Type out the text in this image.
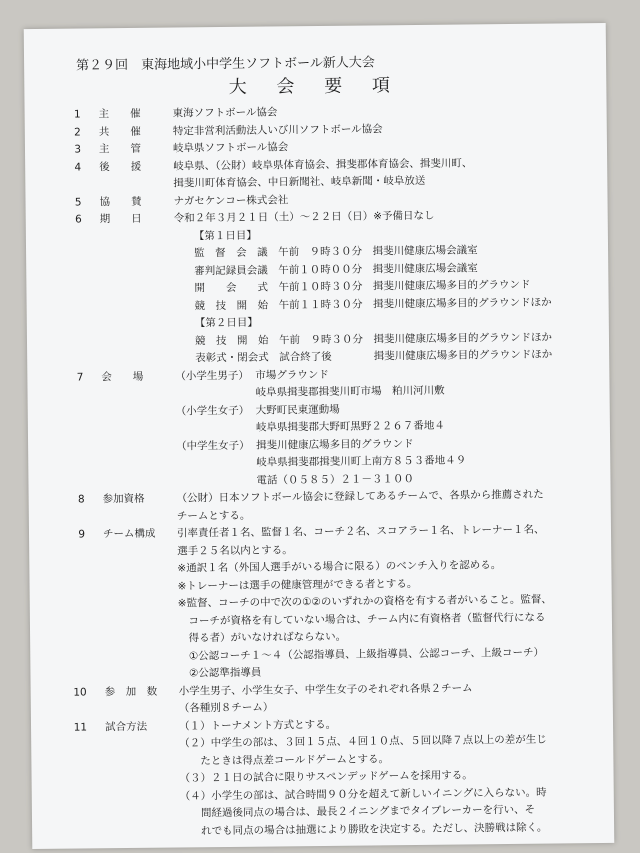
第２９回　東海地域小中学生ソフトボール新人大会
大 会 要 項
1 主　　催	東海ソフトボール協会
2 共　　催	特定非営利活動法人いび川ソフトボール協会
3 主　　管	岐阜県ソフトボール協会
4 後　　援	岐阜県、（公財）岐阜県体育協会、揖斐郡体育協会、揖斐川町、
揖斐川町体育協会、中日新聞社、岐阜新聞・岐阜放送
5 協　　賛	ナガセケンコー株式会社
6 期　　日	令和２年３月２１日（土）～２２日（日）※予備日なし
【第１日目】
監　督　会　議　午前　９時３０分　揖斐川健康広場会議室
審判記録員会議　午前１０時００分　揖斐川健康広場会議室
開　　会　　式　午前１０時３０分　揖斐川健康広場多目的グラウンド
競　技　開　始　午前１１時３０分　揖斐川健康広場多目的グラウンドほか
【第２日目】
競　技　開　始　午前　９時３０分　揖斐川健康広場多目的グラウンドほか
表彰式・閉会式　試合終了後　　　　揖斐川健康広場多目的グラウンドほか
7 会　　場	（小学生男子） 市場グラウンド
岐阜県揖斐郡揖斐川町市場　粕川河川敷
（小学生女子） 大野町民東運動場
岐阜県揖斐郡大野町黒野２２６７番地４
（中学生女子） 揖斐川健康広場多目的グラウンド
岐阜県揖斐郡揖斐川町上南方８５３番地４９
電話（０５８５）２１－３１００
8 参加資格	（公財）日本ソフトボール協会に登録してあるチームで、各県から推薦された
チームとする。
9 チーム構成	引率責任者１名、監督１名、コーチ２名、スコアラー１名、トレーナー１名、
選手２５名以内とする。
※通訳１名（外国人選手がいる場合に限る）のベンチ入りを認める。
※トレーナーは選手の健康管理ができる者とする。
※監督、コーチの中で次の①②のいずれかの資格を有する者がいること。監督、
　コーチが資格を有していない場合は、チーム内に有資格者（監督代行になる
　得る者）がいなければならない。
　①公認コーチ１～４（公認指導員、上級指導員、公認コーチ、上級コーチ）
　②公認準指導員
10 参　加　数	小学生男子、小学生女子、中学生女子のそれぞれ各県２チーム
（各種別８チーム）
11 試合方法	（１）トーナメント方式とする。
（２）中学生の部は、３回１５点、４回１０点、５回以降７点以上の差が生じ
　　たときは得点差コールドゲームとする。
（３）２１日の試合に限りサスペンデッドゲームを採用する。
（４）小学生の部は、試合時間９０分を超えて新しいイニングに入らない。時
　　間経過後同点の場合は、最長２イニングまでタイブレーカーを行い、そ
　　れでも同点の場合は抽選により勝敗を決定する。ただし、決勝戦は除く。
